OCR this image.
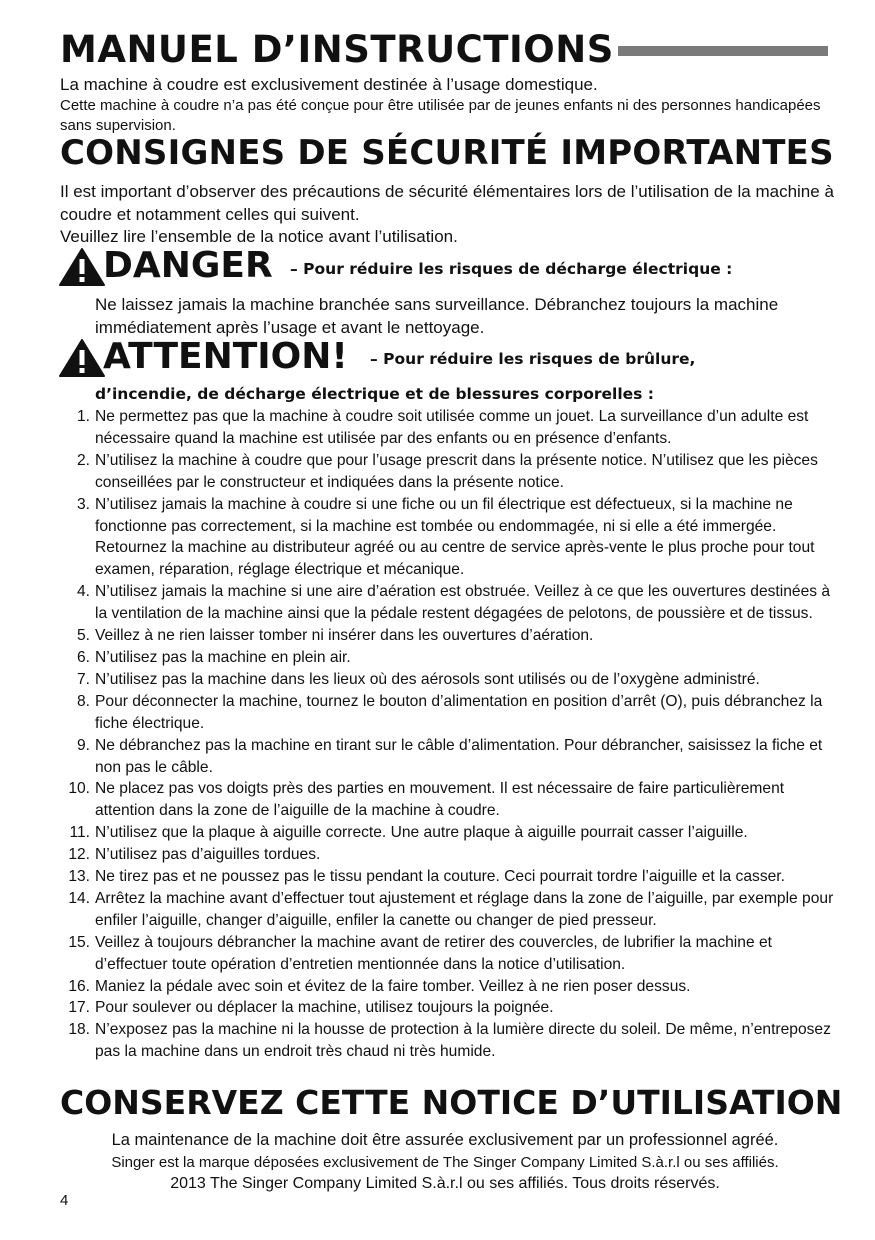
MANUEL D’INSTRUCTIONS
La machine à coudre est exclusivement destinée à l’usage domestique.
Cette machine à coudre n’a pas été conçue pour être utilisée par de jeunes enfants ni des personnes handicapées sans supervision.
CONSIGNES DE SÉCURITÉ IMPORTANTES
Il est important d’observer des précautions de sécurité élémentaires lors de l’utilisation de la machine à coudre et notamment celles qui suivent.
Veuillez lire l’ensemble de la notice avant l’utilisation.
DANGER – Pour réduire les risques de décharge électrique :
Ne laissez jamais la machine branchée sans surveillance. Débranchez toujours la machine immédiatement après l’usage et avant le nettoyage.
ATTENTION! – Pour réduire les risques de brûlure,
d’incendie, de décharge électrique et de blessures corporelles :
1. Ne permettez pas que la machine à coudre soit utilisée comme un jouet. La surveillance d’un adulte est nécessaire quand la machine est utilisée par des enfants ou en présence d’enfants.
2. N’utilisez la machine à coudre que pour l’usage prescrit dans la présente notice. N’utilisez que les pièces conseillées par le constructeur et indiquées dans la présente notice.
3. N’utilisez jamais la machine à coudre si une fiche ou un fil électrique est défectueux, si la machine ne fonctionne pas correctement, si la machine est tombée ou endommagée, ni si elle a été immergée. Retournez la machine au distributeur agréé ou au centre de service après-vente le plus proche pour tout examen, réparation, réglage électrique et mécanique.
4. N’utilisez jamais la machine si une aire d’aération est obstruée. Veillez à ce que les ouvertures destinées à la ventilation de la machine ainsi que la pédale restent dégagées de pelotons, de poussière et de tissus.
5. Veillez à ne rien laisser tomber ni insérer dans les ouvertures d’aération.
6. N’utilisez pas la machine en plein air.
7. N’utilisez pas la machine dans les lieux où des aérosols sont utilisés ou de l’oxygène administré.
8. Pour déconnecter la machine, tournez le bouton d’alimentation en position d’arrêt (O), puis débranchez la fiche électrique.
9. Ne débranchez pas la machine en tirant sur le câble d’alimentation. Pour débrancher, saisissez la fiche et non pas le câble.
10. Ne placez pas vos doigts près des parties en mouvement. Il est nécessaire de faire particulièrement attention dans la zone de l’aiguille de la machine à coudre.
11. N’utilisez que la plaque à aiguille correcte. Une autre plaque à aiguille pourrait casser l’aiguille.
12. N’utilisez pas d’aiguilles tordues.
13. Ne tirez pas et ne poussez pas le tissu pendant la couture. Ceci pourrait tordre l’aiguille et la casser.
14. Arrêtez la machine avant d’effectuer tout ajustement et réglage dans la zone de l’aiguille, par exemple pour enfiler l’aiguille, changer d’aiguille, enfiler la canette ou changer de pied presseur.
15. Veillez à toujours débrancher la machine avant de retirer des couvercles, de lubrifier la machine et d’effectuer toute opération d’entretien mentionnée dans la notice d’utilisation.
16. Maniez la pédale avec soin et évitez de la faire tomber. Veillez à ne rien poser dessus.
17. Pour soulever ou déplacer la machine, utilisez toujours la poignée.
18. N’exposez pas la machine ni la housse de protection à la lumière directe du soleil. De même, n’entreposez pas la machine dans un endroit très chaud ni très humide.
CONSERVEZ CETTE NOTICE D’UTILISATION
La maintenance de la machine doit être assurée exclusivement par un professionnel agréé.
Singer est la marque déposées exclusivement de The Singer Company Limited S.à.r.l ou ses affiliés.
2013 The Singer Company Limited S.à.r.l ou ses affiliés. Tous droits réservés.
4
